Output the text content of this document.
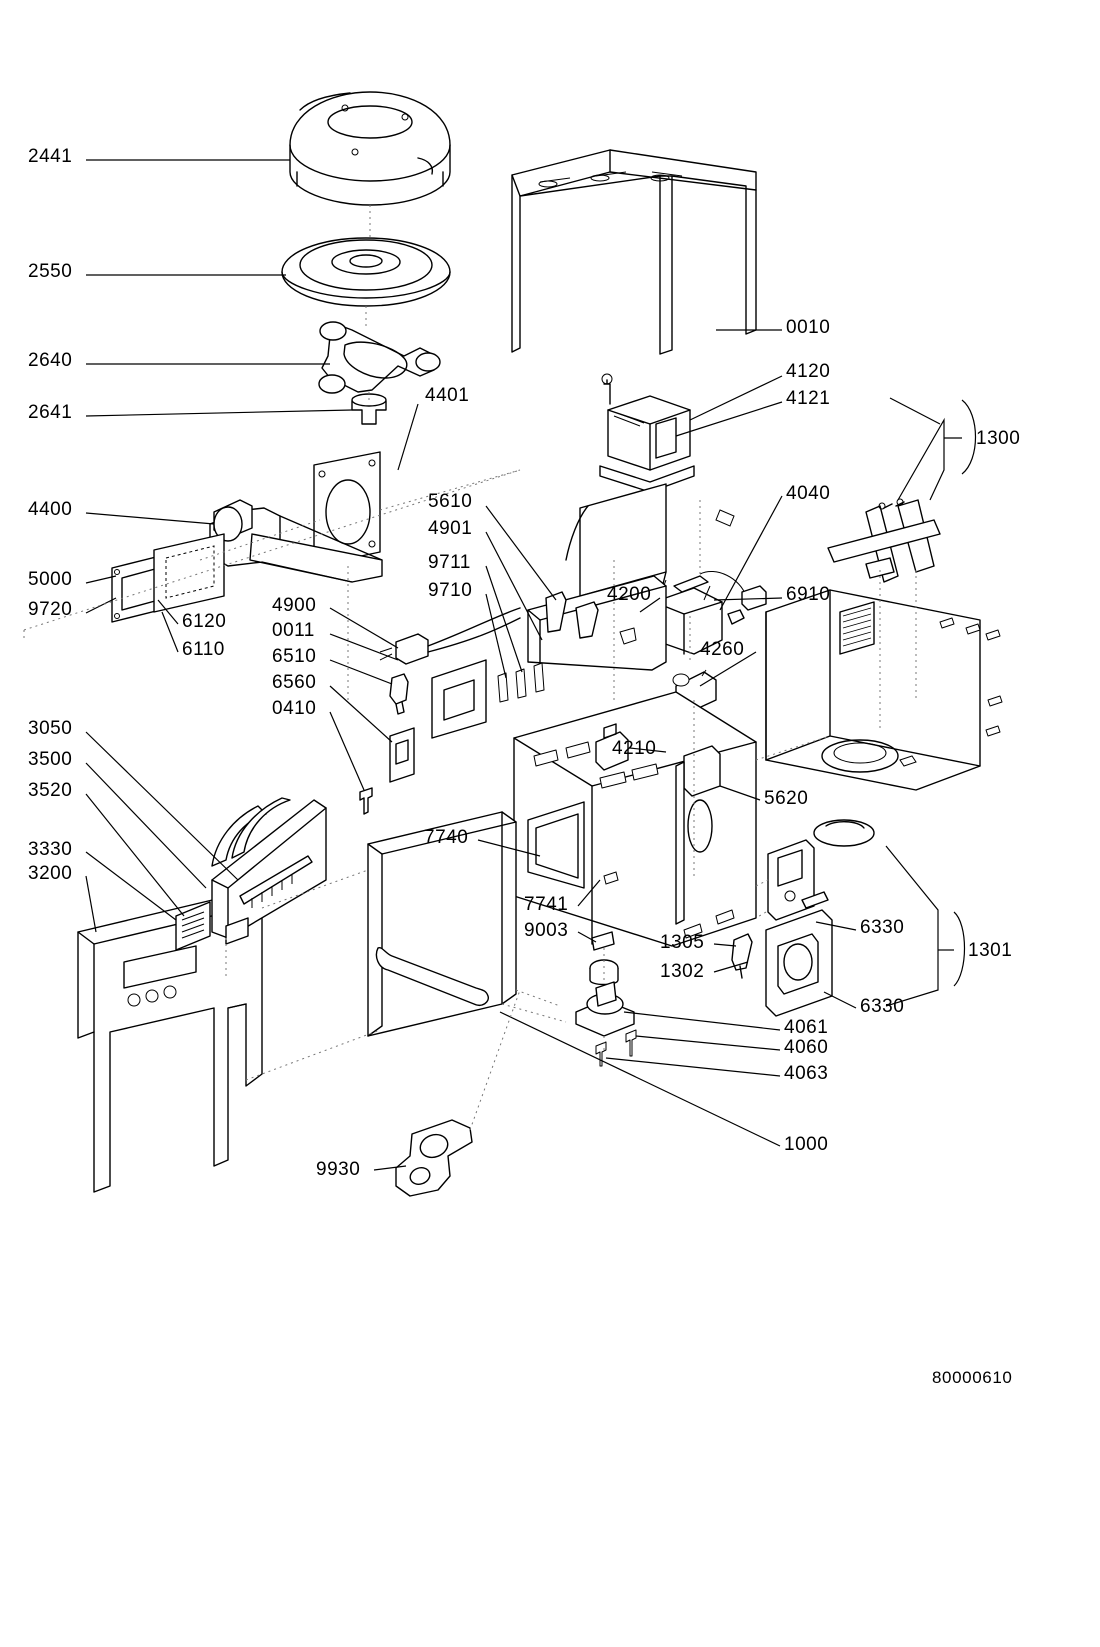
2441
2550
2640
2641
4401
4400
5000
9720
6120
6110
4900
0011
6510
6560
0410
5610
4901
9711
9710
0010
4120
4121
6910
4040
1300
4200
4260
4210
5620
3050
3500
3520
3330
3200
7740
7741
9003
1305
1302
6330
6330
1301
4061
4060
4063
1000
9930
80000610
